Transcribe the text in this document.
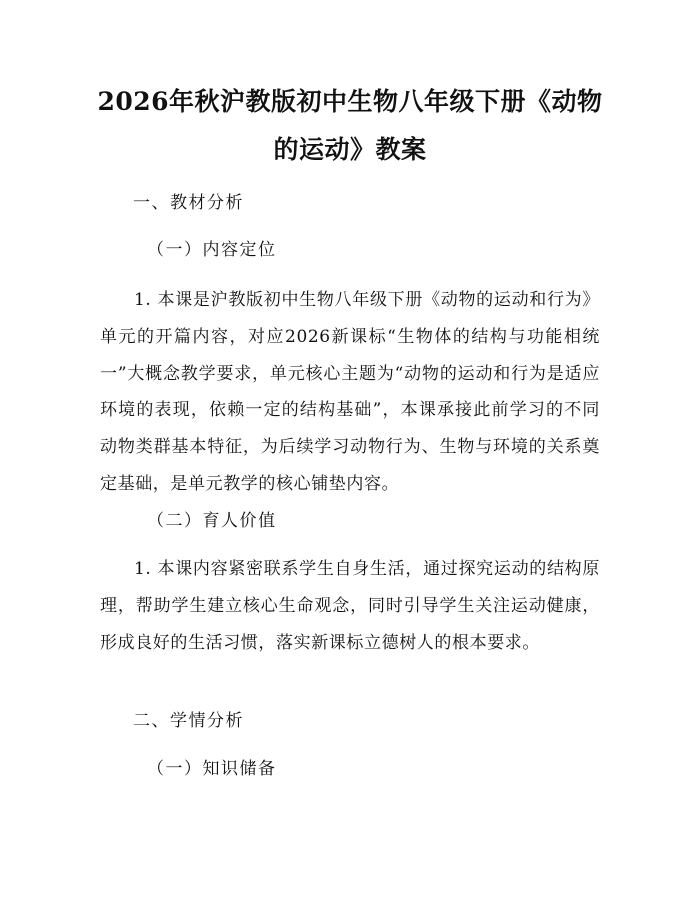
2026年秋沪教版初中生物八年级下册《动物
的运动》教案
一、教材分析
（一）内容定位
1. 本课是沪教版初中生物八年级下册《动物的运动和行为》单元的开篇内容，对应2026新课标“生物体的结构与功能相统一”大概念教学要求，单元核心主题为“动物的运动和行为是适应环境的表现，依赖一定的结构基础”，本课承接此前学习的不同动物类群基本特征，为后续学习动物行为、生物与环境的关系奠定基础，是单元教学的核心铺垫内容。
（二）育人价值
1. 本课内容紧密联系学生自身生活，通过探究运动的结构原理，帮助学生建立核心生命观念，同时引导学生关注运动健康，形成良好的生活习惯，落实新课标立德树人的根本要求。
二、学情分析
（一）知识储备
